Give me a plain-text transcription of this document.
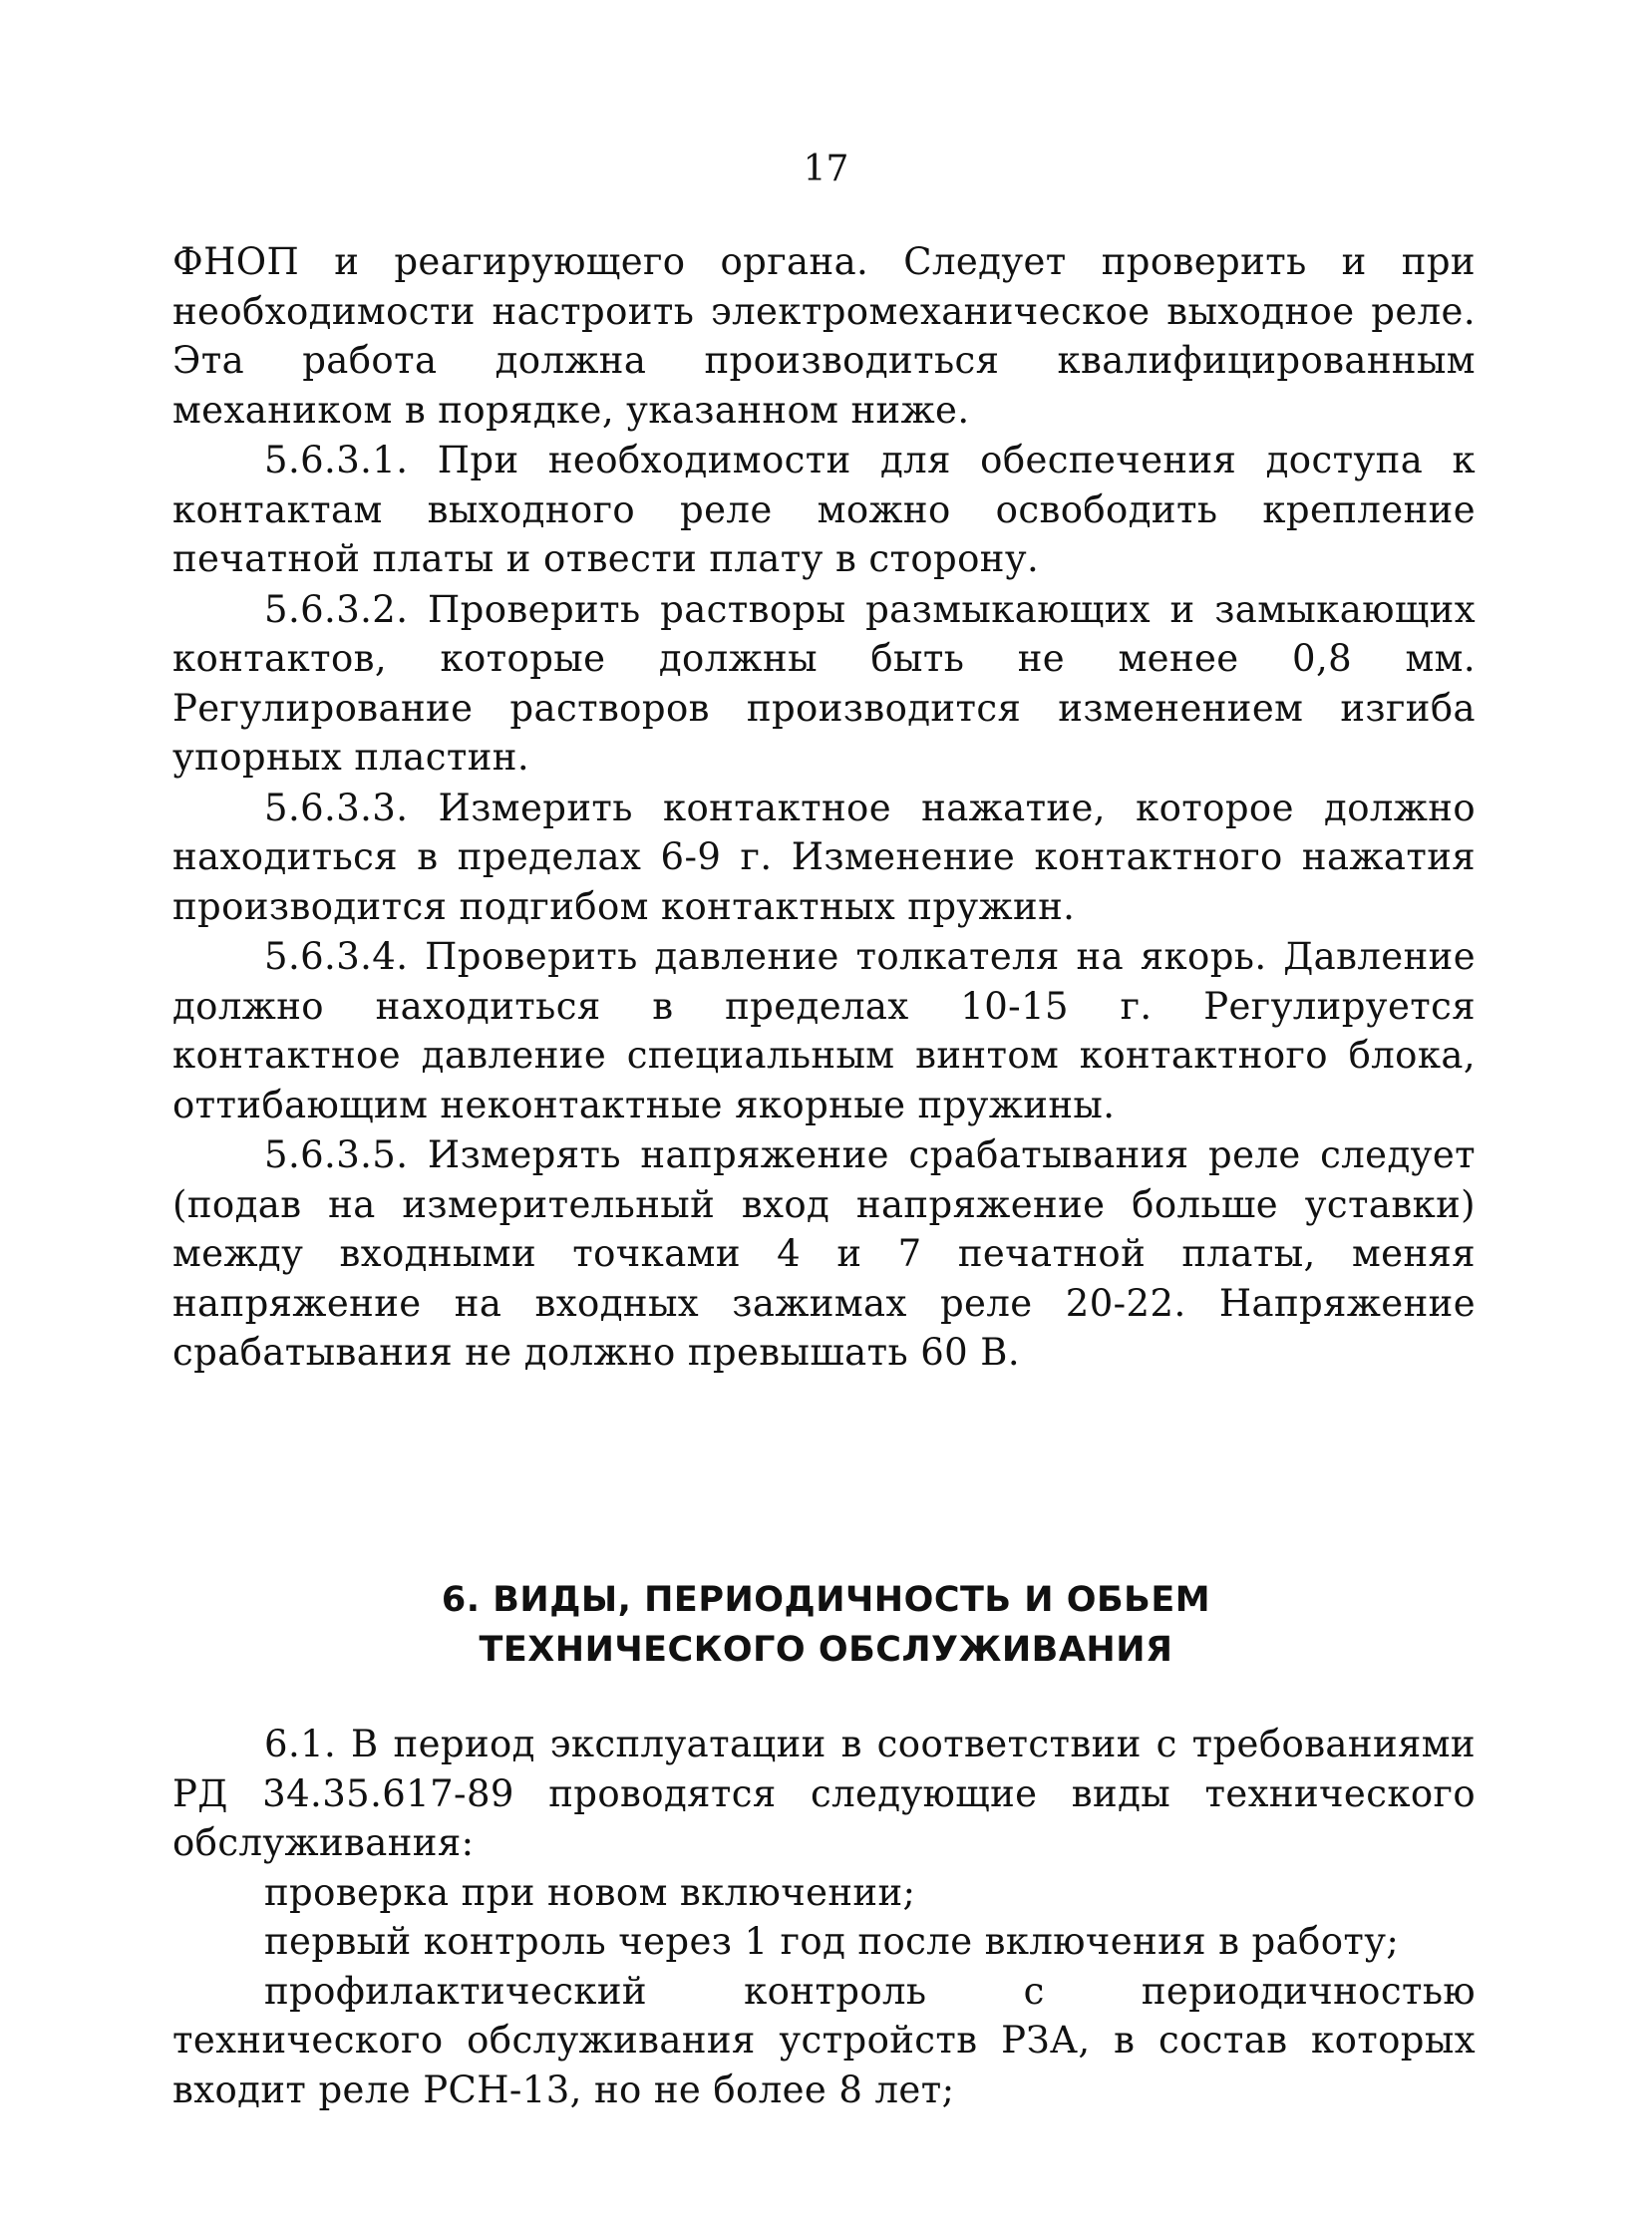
17

ФНОП и реагирующего органа. Следует проверить и при необходимости настроить электромеханическое выходное реле. Эта работа должна производиться квалифицированным механиком в порядке, указанном ниже.

5.6.3.1. При необходимости для обеспечения доступа к контактам выходного реле можно освободить крепление печатной платы и отвести плату в сторону.

5.6.3.2. Проверить растворы размыкающих и замыкающих контактов, которые должны быть не менее 0,8 мм. Регулирование растворов производится изменением изгиба упорных пластин.

5.6.3.3. Измерить контактное нажатие, которое должно находиться в пределах 6-9 г. Изменение контактного нажатия производится подгибом контактных пружин.

5.6.3.4. Проверить давление толкателя на якорь. Давление должно находиться в пределах 10-15 г. Регулируется контактное давление специальным винтом контактного блока, оттибающим неконтактные якорные пружины.

5.6.3.5. Измерять напряжение срабатывания реле следует (подав на измерительный вход напряжение больше уставки) между входными точками 4 и 7 печатной платы, меняя напряжение на входных зажимах реле 20-22. Напряжение срабатывания не должно превышать 60 В.

6. ВИДЫ, ПЕРИОДИЧНОСТЬ И ОБЬЕМ
ТЕХНИЧЕСКОГО ОБСЛУЖИВАНИЯ

6.1. В период эксплуатации в соответствии с требованиями РД 34.35.617-89 проводятся следующие виды технического обслуживания:

проверка при новом включении;

первый контроль через 1 год после включения в работу;

профилактический контроль с периодичностью технического обслуживания устройств РЗА, в состав которых входит реле РСН-13, но не более 8 лет;
